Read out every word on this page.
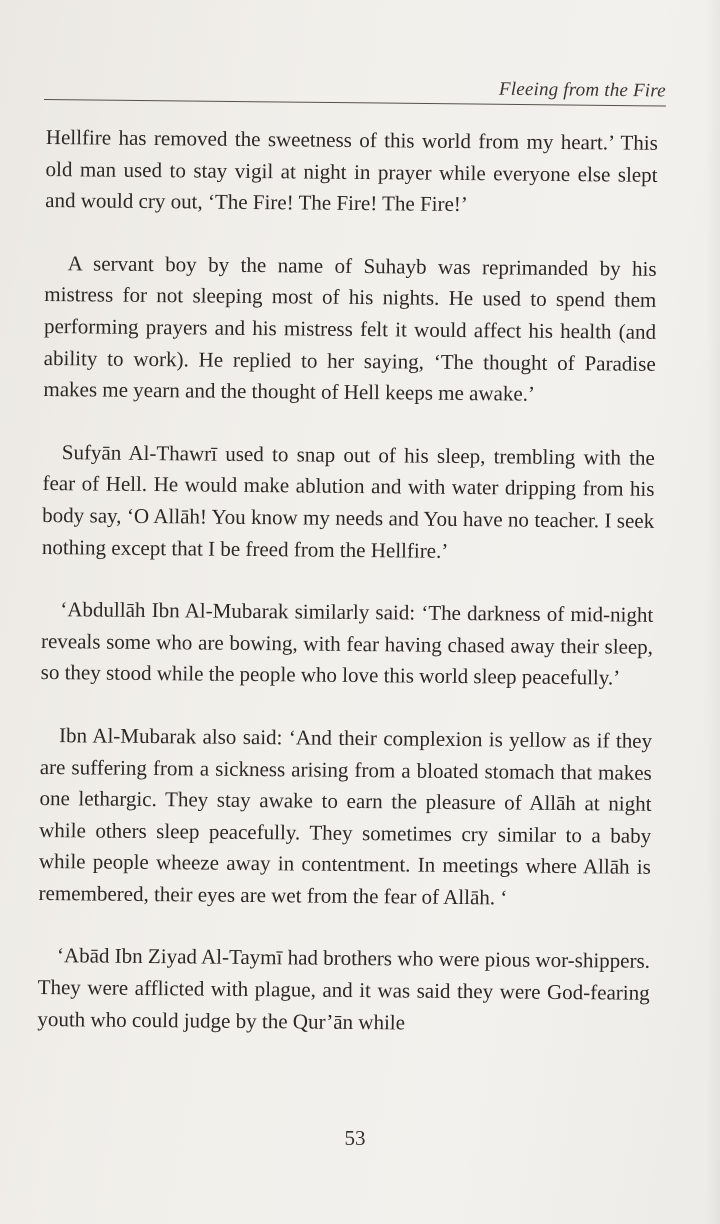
Fleeing from the Fire

Hellfire has removed the sweetness of this world from my heart.’ This old man used to stay vigil at night in prayer while everyone else slept and would cry out, ‘The Fire! The Fire! The Fire!’

A servant boy by the name of Suhayb was reprimanded by his mistress for not sleeping most of his nights. He used to spend them performing prayers and his mistress felt it would affect his health (and ability to work). He replied to her saying, ‘The thought of Paradise makes me yearn and the thought of Hell keeps me awake.’

Sufyān Al-Thawrī used to snap out of his sleep, trembling with the fear of Hell. He would make ablution and with water dripping from his body say, ‘O Allāh! You know my needs and You have no teacher. I seek nothing except that I be freed from the Hellfire.’

‘Abdullāh Ibn Al-Mubarak similarly said: ‘The darkness of mid-night reveals some who are bowing, with fear having chased away their sleep, so they stood while the people who love this world sleep peacefully.’

Ibn Al-Mubarak also said: ‘And their complexion is yellow as if they are suffering from a sickness arising from a bloated stomach that makes one lethargic. They stay awake to earn the pleasure of Allāh at night while others sleep peacefully. They sometimes cry similar to a baby while people wheeze away in contentment. In meetings where Allāh is remembered, their eyes are wet from the fear of Allāh. ‘

‘Abād Ibn Ziyad Al-Taymī had brothers who were pious wor-shippers. They were afflicted with plague, and it was said they were God-fearing youth who could judge by the Qur’ān while

53
